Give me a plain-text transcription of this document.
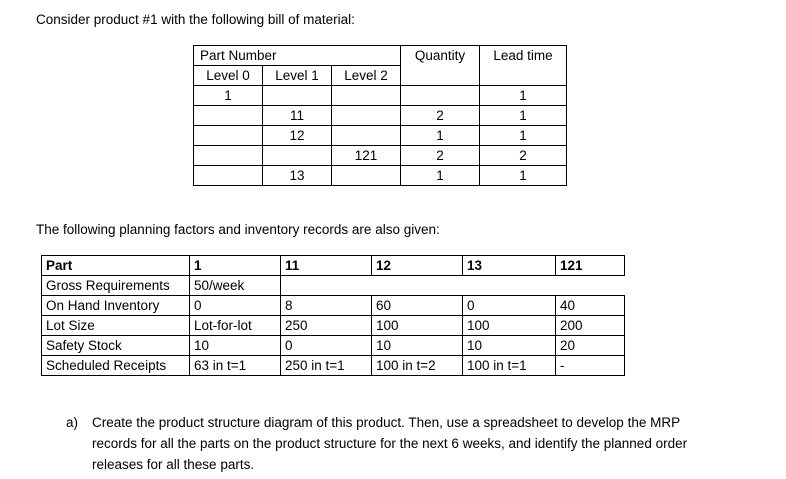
Consider product #1 with the following bill of material:
Part Number			Quantity	Lead time
Level 0	Level 1	Level 2		
1				1
	11		2	1
	12		1	1
		121	2	2
	13		1	1
The following planning factors and inventory records are also given:
Part	1	11	12	13	121
Gross Requirements	50/week				
On Hand Inventory	0	8	60	0	40
Lot Size	Lot-for-lot	250	100	100	200
Safety Stock	10	0	10	10	20
Scheduled Receipts	63 in t=1	250 in t=1	100 in t=2	100 in t=1	-
a) Create the product structure diagram of this product. Then, use a spreadsheet to develop the MRP records for all the parts on the product structure for the next 6 weeks, and identify the planned order releases for all these parts.
